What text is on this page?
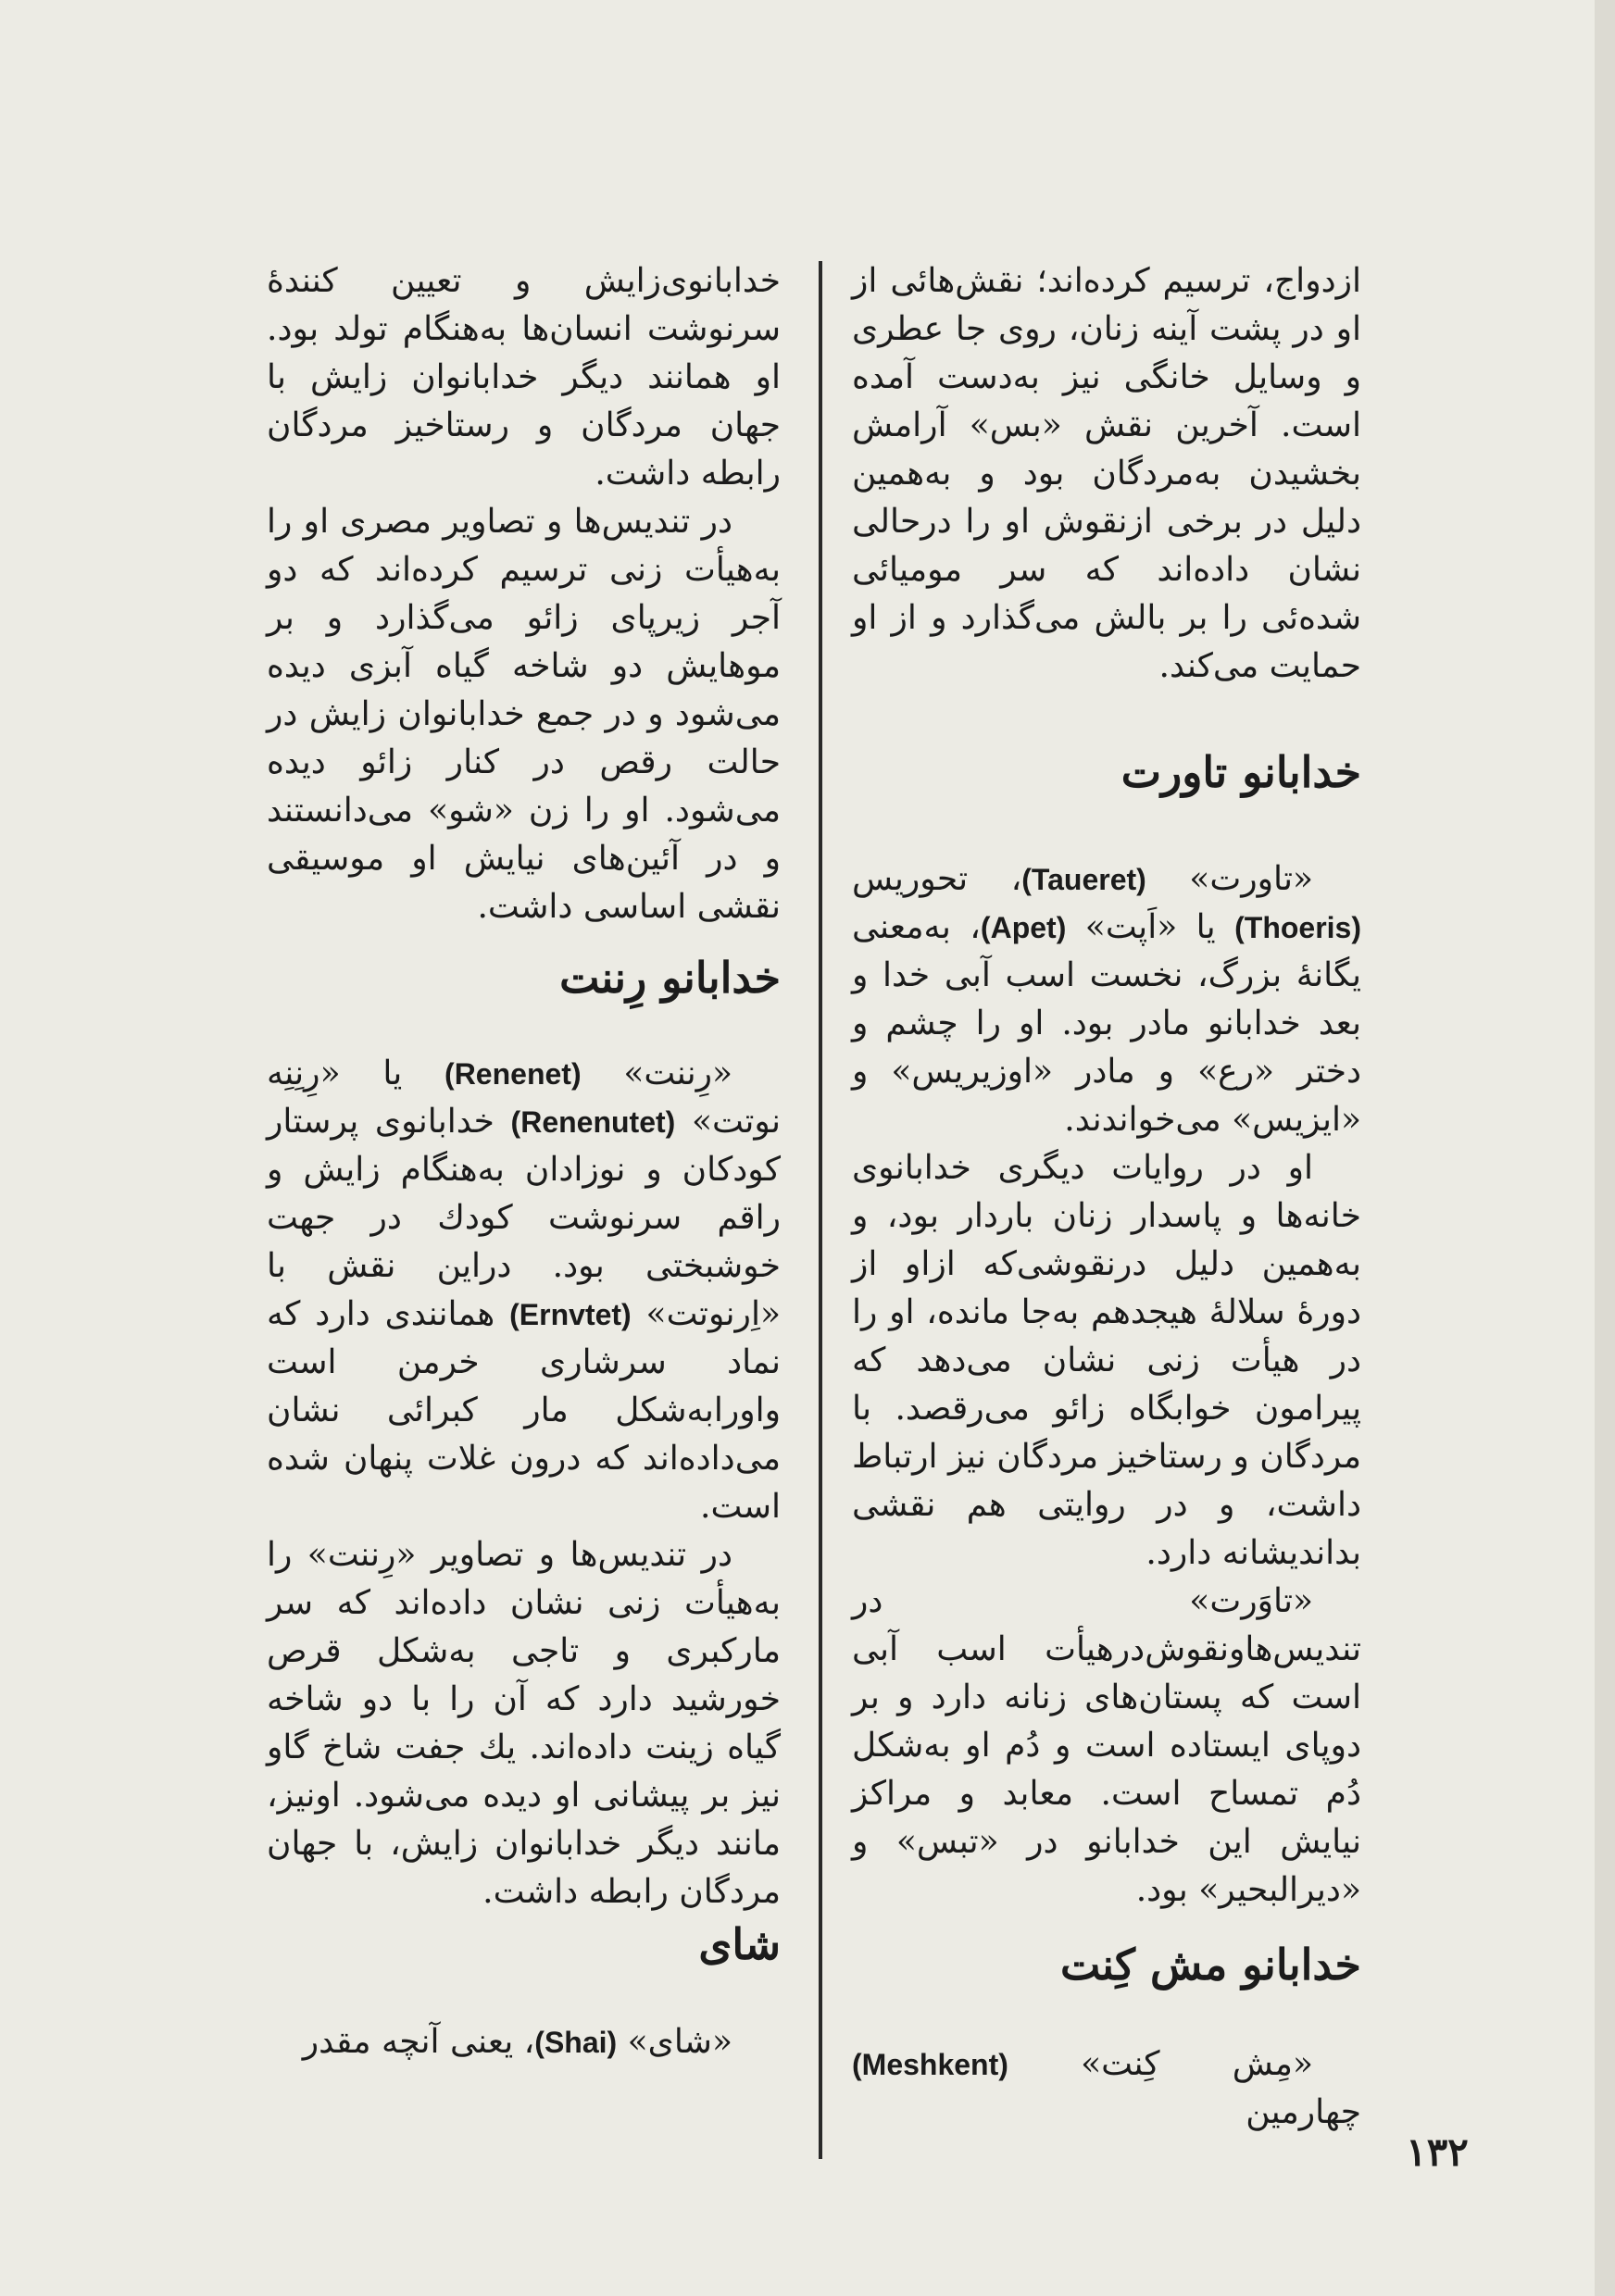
ازدواج، ترسیم کرده‌اند؛ نقش‌هائی از او در پشت آینه زنان، روی جا عطری و وسایل خانگی نیز به‌دست آمده است. آخرین نقش «بس» آرامش بخشیدن به‌مردگان بود و به‌همین دلیل در برخی ازنقوش او را درحالی نشان داده‌اند که سر مومیائی شده‌ئی را بر بالش می‌گذارد و از او حمایت می‌کند.

خدابانو تاورت

«تاورت» (Taueret)، تحوریس (Thoeris) یا «اَپت» (Apet)، به‌معنی یگانهٔ بزرگ، نخست اسب آبی خدا و بعد خدابانو مادر بود. او را چشم و دختر «رع» و مادر «اوزیریس» و «ایزیس» می‌خواندند.

او در روایات دیگری خدابانوی خانه‌ها و پاسدار زنان باردار بود، و به‌همین دلیل درنقوشی‌که ازاو از دورهٔ سلالهٔ هیجدهم به‌جا مانده، او را در هیأت زنی نشان می‌دهد که پیرامون خوابگاه زائو می‌رقصد. با مردگان و رستاخیز مردگان نیز ارتباط داشت، و در روایتی هم نقشی بداندیشانه دارد.

«تاوَرت» در تندیس‌هاونقوش‌درهیأت اسب آبی است که پستان‌های زنانه دارد و بر دوپای ایستاده است و دُم او به‌شکل دُم تمساح است. معابد و مراکز نیایش این خدابانو در «تبس» و «دیرالبحیر» بود.

خدابانو مش کِنت

«مِش کِنت» (Meshkent) چهارمین

خدابانوی‌زایش و تعیین کنندهٔ سرنوشت انسان‌ها به‌هنگام تولد بود. او همانند دیگر خدابانوان زایش با جهان مردگان و رستاخیز مردگان رابطه داشت.

در تندیس‌ها و تصاویر مصری او را به‌هیأت زنی ترسیم کرده‌اند که دو آجر زیرپای زائو می‌گذارد و بر موهایش دو شاخه گیاه آبزی دیده می‌شود و در جمع خدابانوان زایش در حالت رقص در کنار زائو دیده می‌شود. او را زن «شو» می‌دانستند و در آئین‌های نیایش او موسیقی نقشی اساسی داشت.

خدابانو رِننت

«رِننت» (Renenet) یا «رِنِنِه نوتت» (Renenutet) خدابانوی پرستار کودکان و نوزادان به‌هنگام زایش و راقم سرنوشت کودك در جهت خوشبختی بود. دراین نقش با «اِرنوتت» (Ernvtet) همانندی دارد که نماد سرشاری خرمن است واورابه‌شکل مار کبرائی نشان می‌داده‌اند که درون غلات پنهان شده است.

در تندیس‌ها و تصاویر «رِننت» را به‌هیأت زنی نشان داده‌اند که سر مارکبری و تاجی به‌شکل قرص خورشید دارد که آن را با دو شاخه گیاه زینت داده‌اند. یك جفت شاخ گاو نیز بر پیشانی او دیده می‌شود. اونیز، مانند دیگر خدابانوان زایش، با جهان مردگان رابطه داشت.

شای

«شای» (Shai)، یعنی آنچه مقدر

۱۳۲
